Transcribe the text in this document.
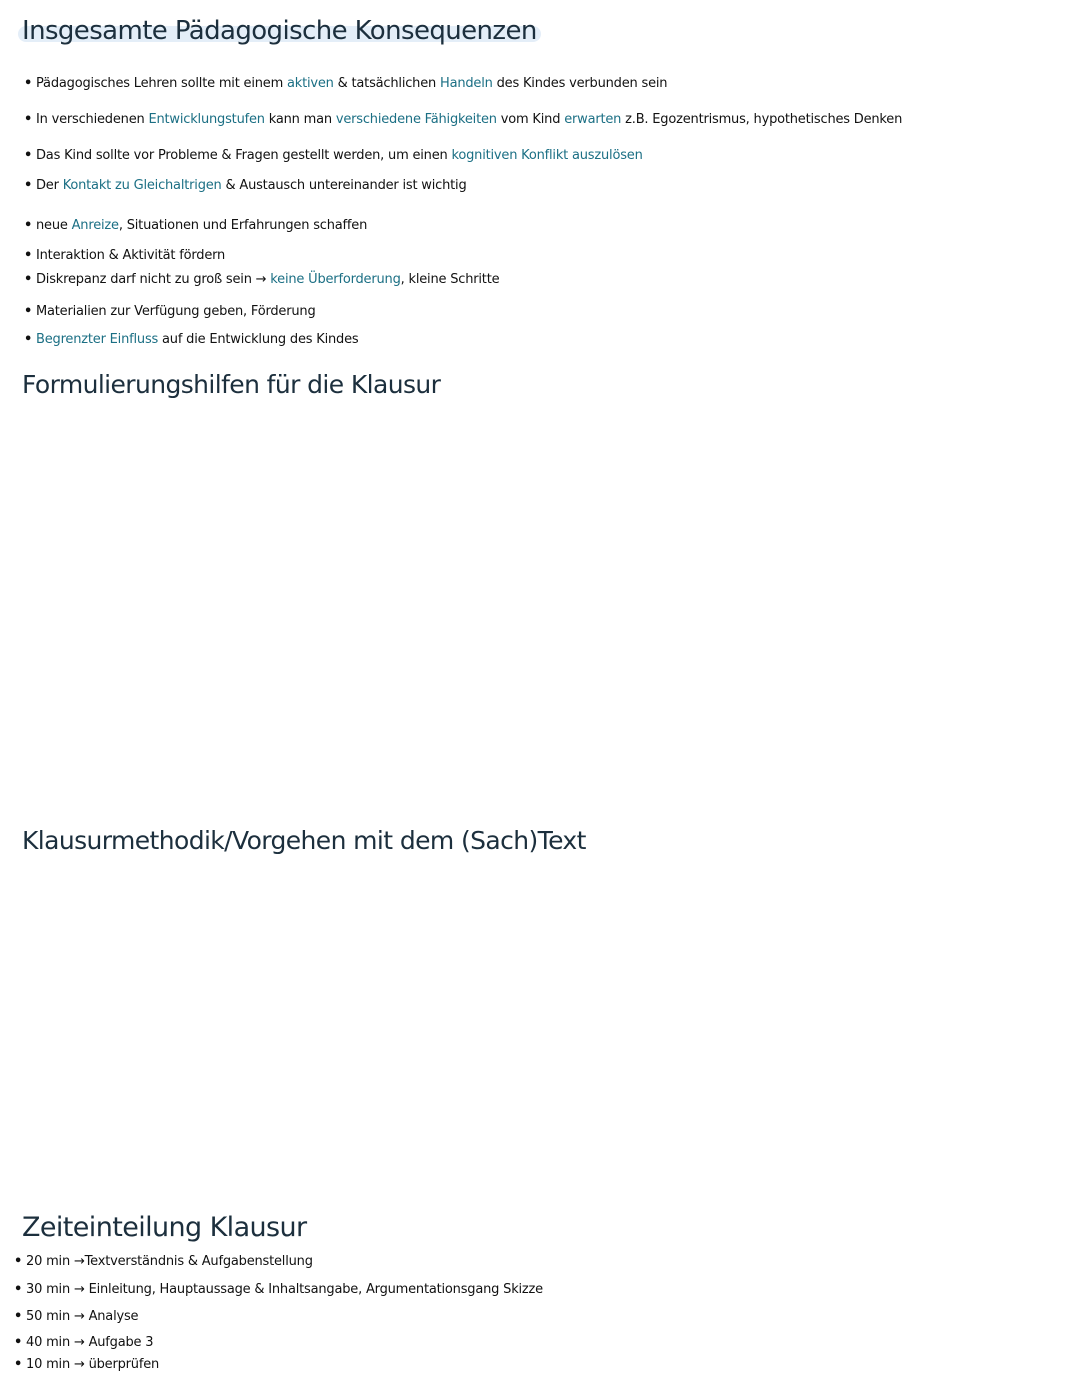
Insgesamte Pädagogische Konsequenzen
• Pädagogisches Lehren sollte mit einem aktiven & tatsächlichen Handeln des Kindes verbunden sein
• In verschiedenen Entwicklungstufen kann man verschiedene Fähigkeiten vom Kind erwarten z.B. Egozentrismus, hypothetisches Denken
• Das Kind sollte vor Probleme & Fragen gestellt werden, um einen kognitiven Konflikt auszulösen
• Der Kontakt zu Gleichaltrigen & Austausch untereinander ist wichtig
• neue Anreize, Situationen und Erfahrungen schaffen
• Interaktion & Aktivität fördern
• Diskrepanz darf nicht zu groß sein → keine Überforderung, kleine Schritte
• Materialien zur Verfügung geben, Förderung
• Begrenzter Einfluss auf die Entwicklung des Kindes
Formulierungshilfen für die Klausur
Klausurmethodik/Vorgehen mit dem (Sach)Text
Zeiteinteilung Klausur
• 20 min →Textverständnis & Aufgabenstellung
• 30 min → Einleitung, Hauptaussage & Inhaltsangabe, Argumentationsgang Skizze
• 50 min → Analyse
• 40 min → Aufgabe 3
• 10 min → überprüfen
